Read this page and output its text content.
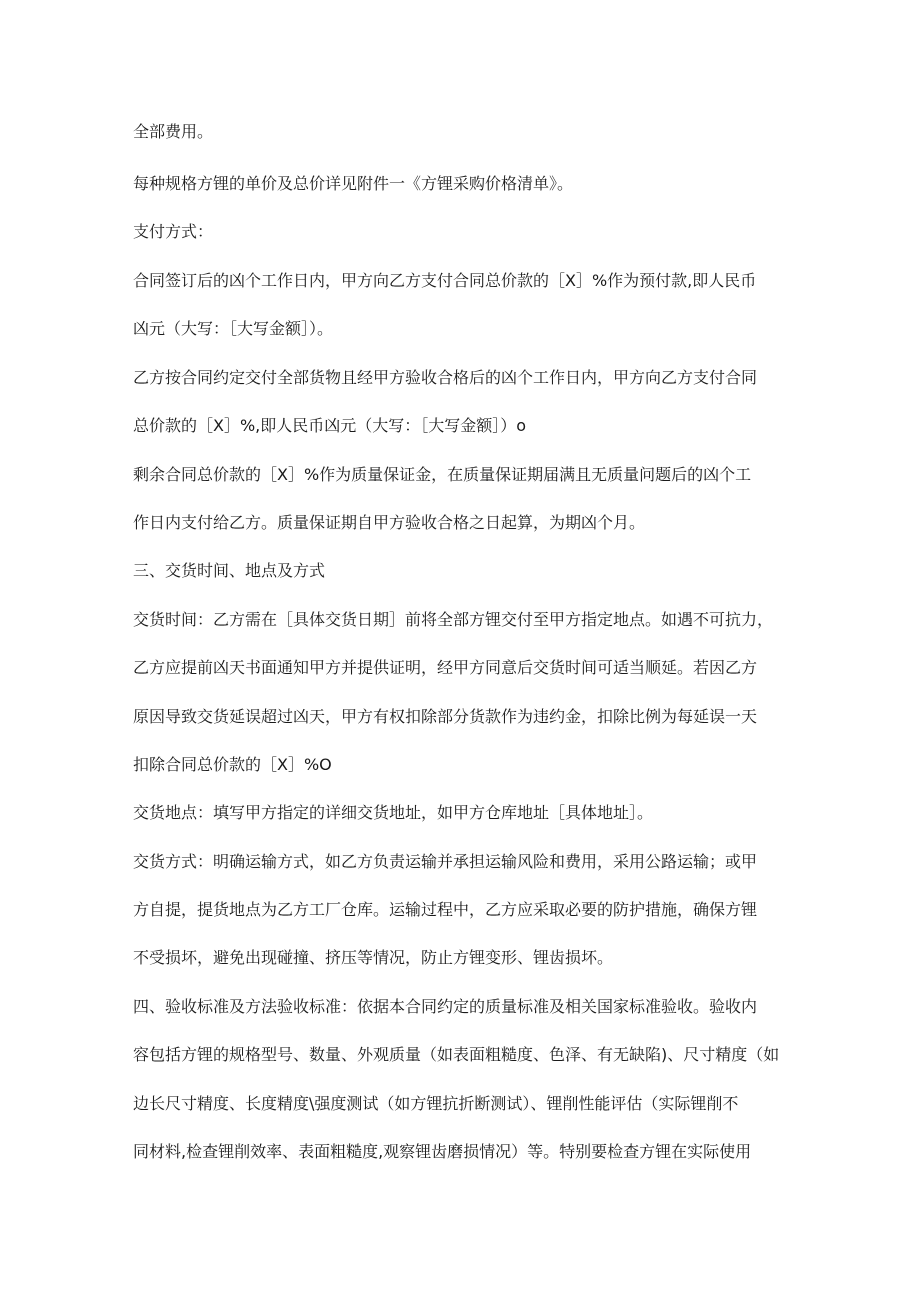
全部费用。

每种规格方锂的单价及总价详见附件一《方锂采购价格清单》。

支付方式：

合同签订后的凶个工作日内，甲方向乙方支付合同总价款的［X］%作为预付款,即人民币

凶元（大写：［大写金额］）。

乙方按合同约定交付全部货物且经甲方验收合格后的凶个工作日内，甲方向乙方支付合同

总价款的［X］%,即人民币凶元（大写：［大写金额］）o

剩余合同总价款的［X］%作为质量保证金，在质量保证期届满且无质量问题后的凶个工

作日内支付给乙方。质量保证期自甲方验收合格之日起算，为期凶个月。

三、交货时间、地点及方式

交货时间：乙方需在［具体交货日期］前将全部方锂交付至甲方指定地点。如遇不可抗力，

乙方应提前凶天书面通知甲方并提供证明，经甲方同意后交货时间可适当顺延。若因乙方

原因导致交货延误超过凶天，甲方有权扣除部分货款作为违约金，扣除比例为每延误一天

扣除合同总价款的［X］%O

交货地点：填写甲方指定的详细交货地址，如甲方仓库地址［具体地址］。

交货方式：明确运输方式，如乙方负责运输并承担运输风险和费用，采用公路运输；或甲

方自提，提货地点为乙方工厂仓库。运输过程中，乙方应采取必要的防护措施，确保方锂

不受损坏，避免出现碰撞、挤压等情况，防止方锂变形、锂齿损坏。

四、验收标准及方法验收标准：依据本合同约定的质量标准及相关国家标准验收。验收内

容包括方锂的规格型号、数量、外观质量（如表面粗糙度、色泽、有无缺陷)、尺寸精度（如

边长尺寸精度、长度精度\强度测试（如方锂抗折断测试）、锂削性能评估（实际锂削不

同材料,检查锂削效率、表面粗糙度,观察锂齿磨损情况）等。特别要检查方锂在实际使用
